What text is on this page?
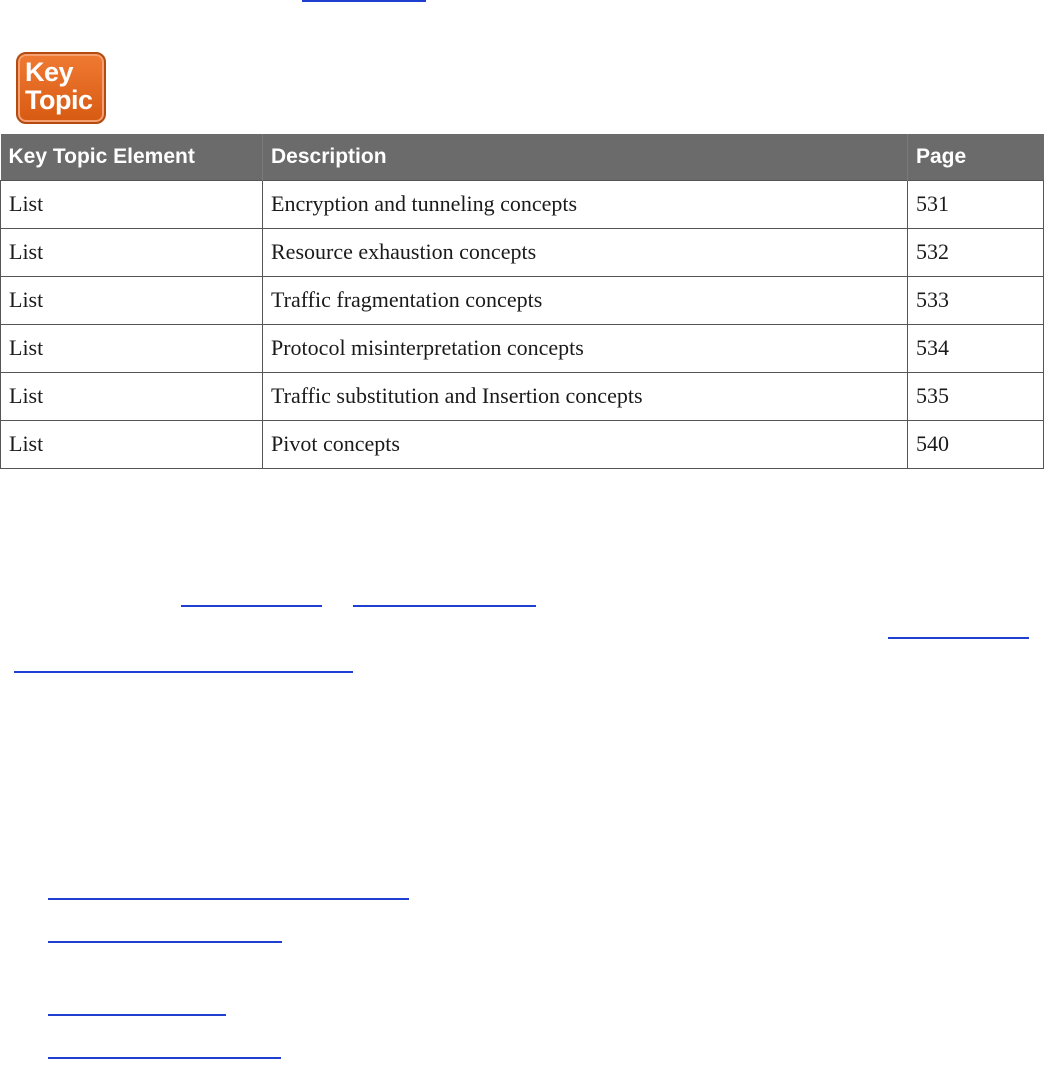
Key
Topic
Key Topic Element	Description	Page
List	Encryption and tunneling concepts	531
List	Resource exhaustion concepts	532
List	Traffic fragmentation concepts	533
List	Protocol misinterpretation concepts	534
List	Traffic substitution and Insertion concepts	535
List	Pivot concepts	540
